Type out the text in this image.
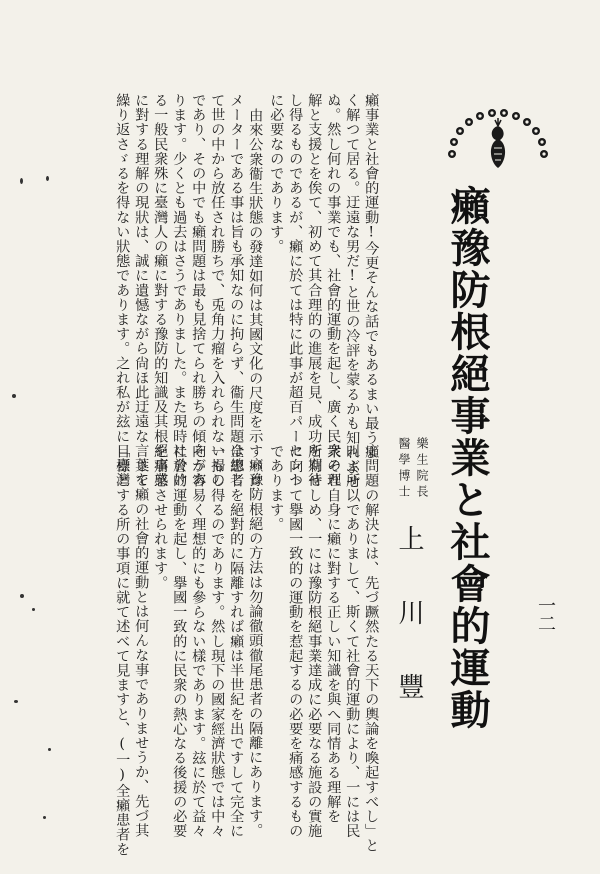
癩豫防根絕事業と社會的運動
樂生院長
醫學博士
上川豐	一二
癩事業と社會的運動!今更そんな話でもあるまい最うよ
く解つて居る。迂遠な男だ!と世の冷評を蒙るかも知れませ
ぬ。然し何れの事業でも、社會的運動を起し、廣く民衆の理
解と支援とを俟て、初めて其合理的の進展を見、成功を期待
し得るものであるが、癩に於ては特に此事が超百パーセント
に必要なのであります。
由來公衆衞生狀態の發達如何は其國文化の尺度を示すバロ
メーターである事は旨も承知なのに拘らず、衞生問題は總じ
て世の中から放任され勝ちで、兎角力瘤を入れられないもの
であり、その中でも癩問題は最も見捨てられ勝ちの傾向があ
ります。少くとも過去はさうでありました。また現時に於け
る一般民衆殊に臺灣人の癩に對する豫防的知識及其根絕事業
に對する理解の現狀は、誠に遺憾ながら尙ほ此迂遠な言葉を
繰り返さゞるを得ない狀態であります。之れ私が玆に「臺灣
癩問題の解決には、先づ蹶然たる天下の輿論を喚起すべし」と
叫ぶ所以でありまして、斯くて社會的運動により、一には民
衆それ自身に癩に對する正しい知識を與へ同情ある理解を
所有せしめ、一には豫防根絕事業達成に必要なる施設の實施
に向つて擧國一致的の運動を惹起するの必要を痛感するもの
であります。
癩豫防根絕の方法は勿論徹頭徹尾患者の隔離にあります。
全患者を絕對的に隔離すれば癩は半世紀を出ですして完全に
一掃し得るのであります。然し現下の國家經濟狀態では中々
そう容易く理想的にも參らない樣であります。玆に於て益々
社會的運動を起し、擧國一致的に民衆の熱心なる後援の必要
を痛感させられます。
さて癩の社會的運動とは何んな事でありませうか、先づ其
目標とする所の事項に就て述べて見ますと、(一)全癩患者を
